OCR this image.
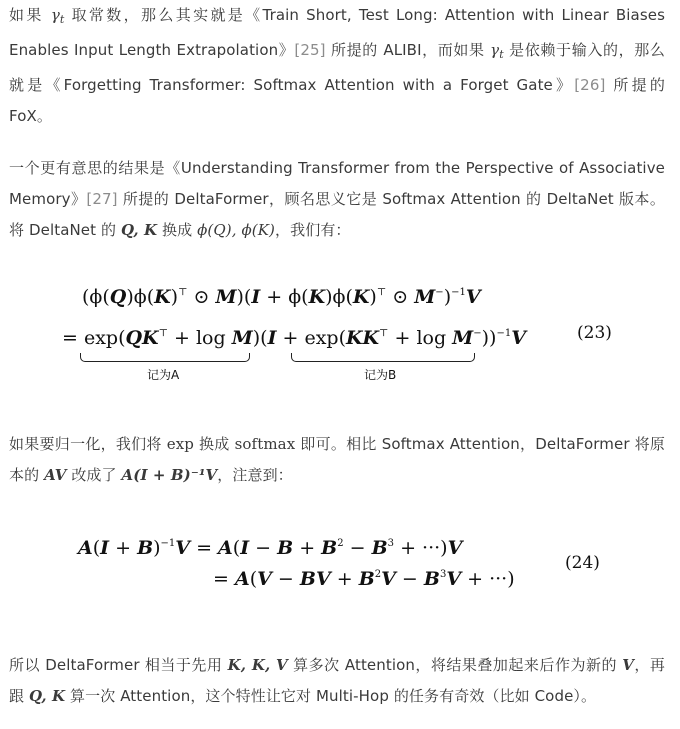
如果 $\gamma_t$ 取常数，那么其实就是《Train Short, Test Long: Attention with Linear Biases Enables Input Length Extrapolation》[25] 所提的 ALIBI，而如果 $\gamma_t$ 是依赖于输入的，那么就是《Forgetting Transformer: Softmax Attention with a Forget Gate》[26] 所提的 FoX。
一个更有意思的结果是《Understanding Transformer from the Perspective of Associative Memory》[27] 所提的 DeltaFormer，顾名思义它是 Softmax Attention 的 DeltaNet 版本。将 DeltaNet 的 Q, K 换成 ϕ(Q), ϕ(K)，我们有：
(ϕ(Q)ϕ(K)⊤ ⊙ M)(I + ϕ(K)ϕ(K)⊤ ⊙ M−)$^{-1}$V
= $\exp(QK^⊤ + \log M)(I + \exp(KK^⊤ + \log M^-))^{-1}V$
记为A	记为B
(23)
如果要归一化，我们将 exp 换成 softmax 即可。相比 Softmax Attention，DeltaFormer 将原本的 AV 改成了 A(I + B)⁻¹V，注意到：
$A(I + B)^{-1}V = A(I - B + B^2 - B^3 + \cdot\cdot\cdot)V$
= A(V − BV + $B^2V - B^3V$ + ···)
(24)
所以 DeltaFormer 相当于先用 K, K, V 算多次 Attention，将结果叠加起来后作为新的 V，再跟 Q, K 算一次 Attention，这个特性让它对 Multi-Hop 的任务有奇效（比如 Code）。
